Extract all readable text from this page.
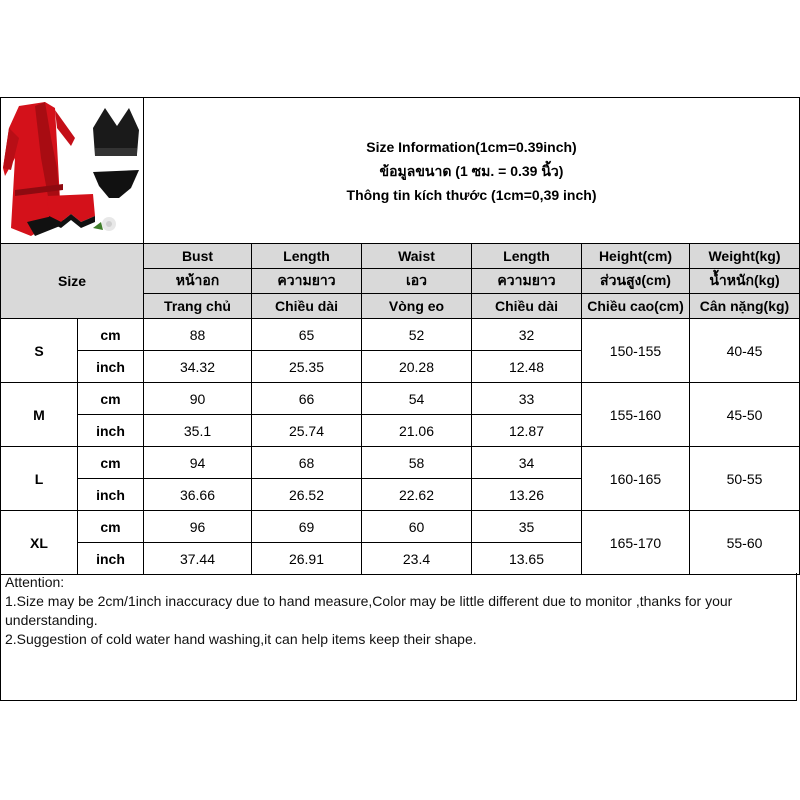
Size Information(1cm=0.39inch)
ข้อมูลขนาด (1 ซม. = 0.39 นิ้ว)
Thông tin kích thước (1cm=0,39 inch)					

Size		Bust	Length	Waist	Length	Height(cm)	Weight(kg)
		หน้าอก	ความยาว	เอว	ความยาว	ส่วนสูง(cm)	น้ำหนัก(kg)
		Trang chủ	Chiều dài	Vòng eo	Chiều dài	Chiều cao(cm)	Cân nặng(kg)
S	cm	88	65	52	32	150-155	40-45
	inch	34.32	25.35	20.28	12.48		
M	cm	90	66	54	33	155-160	45-50
	inch	35.1	25.74	21.06	12.87		
L	cm	94	68	58	34	160-165	50-55
	inch	36.66	26.52	22.62	13.26		
XL	cm	96	69	60	35	165-170	55-60
	inch	37.44	26.91	23.4	13.65		
Attention:
1.Size may be 2cm/1inch inaccuracy due to hand measure,Color may be little different due to monitor ,thanks for your understanding.
2.Suggestion of cold water hand washing,it can help items keep their shape.
